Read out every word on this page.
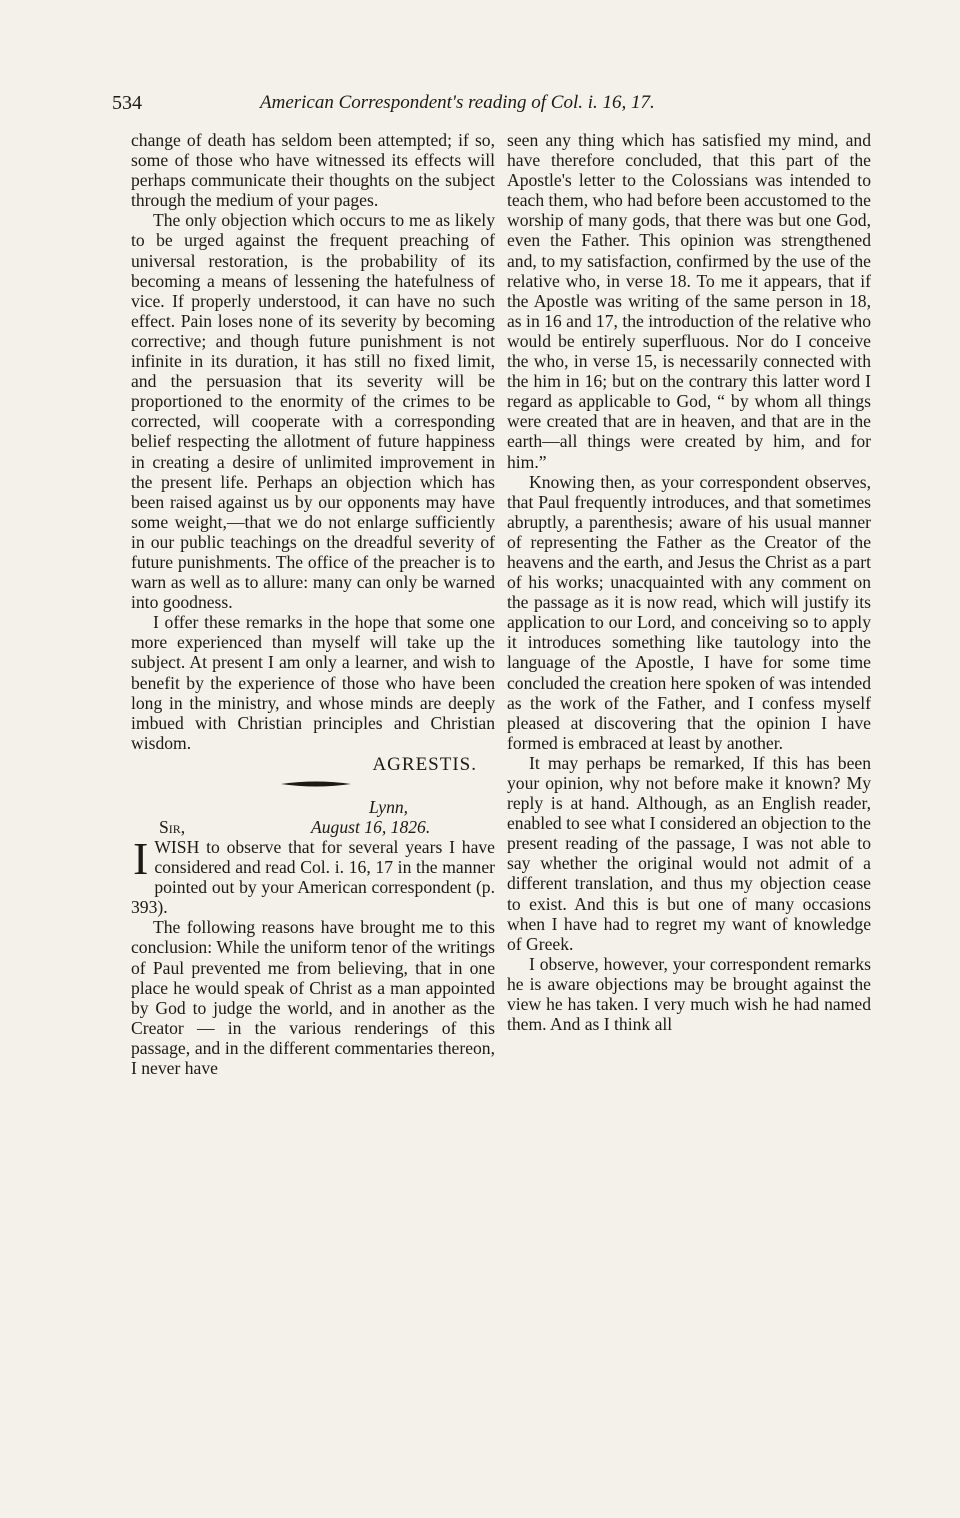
534	American Correspondent's reading of Col. i. 16, 17.

change of death has seldom been attempted; if so, some of those who have witnessed its effects will perhaps communicate their thoughts on the subject through the medium of your pages.

The only objection which occurs to me as likely to be urged against the frequent preaching of universal restoration, is the probability of its becoming a means of lessening the hatefulness of vice. If properly understood, it can have no such effect. Pain loses none of its severity by becoming corrective; and though future punishment is not infinite in its duration, it has still no fixed limit, and the persuasion that its severity will be proportioned to the enormity of the crimes to be corrected, will cooperate with a corresponding belief respecting the allotment of future happiness in creating a desire of unlimited improvement in the present life. Perhaps an objection which has been raised against us by our opponents may have some weight,—that we do not enlarge sufficiently in our public teachings on the dreadful severity of future punishments. The office of the preacher is to warn as well as to allure: many can only be warned into goodness.

I offer these remarks in the hope that some one more experienced than myself will take up the subject. At present I am only a learner, and wish to benefit by the experience of those who have been long in the ministry, and whose minds are deeply imbued with Christian principles and Christian wisdom.

AGRESTIS.
Lynn,
Sir,	August 16, 1826.

IWISH to observe that for several years I have considered and read Col. i. 16, 17 in the manner pointed out by your American correspondent (p. 393).

The following reasons have brought me to this conclusion: While the uniform tenor of the writings of Paul prevented me from believing, that in one place he would speak of Christ as a man appointed by God to judge the world, and in another as the Creator — in the various renderings of this passage, and in the different commentaries thereon, I never have

seen any thing which has satisfied my mind, and have therefore concluded, that this part of the Apostle's letter to the Colossians was intended to teach them, who had before been accustomed to the worship of many gods, that there was but one God, even the Father. This opinion was strengthened and, to my satisfaction, confirmed by the use of the relative who, in verse 18. To me it appears, that if the Apostle was writing of the same person in 18, as in 16 and 17, the introduction of the relative who would be entirely superfluous. Nor do I conceive the who, in verse 15, is necessarily connected with the him in 16; but on the contrary this latter word I regard as applicable to God, “ by whom all things were created that are in heaven, and that are in the earth—all things were created by him, and for him.”

Knowing then, as your correspondent observes, that Paul frequently introduces, and that sometimes abruptly, a parenthesis; aware of his usual manner of representing the Father as the Creator of the heavens and the earth, and Jesus the Christ as a part of his works; unacquainted with any comment on the passage as it is now read, which will justify its application to our Lord, and conceiving so to apply it introduces something like tautology into the language of the Apostle, I have for some time concluded the creation here spoken of was intended as the work of the Father, and I confess myself pleased at discovering that the opinion I have formed is embraced at least by another.

It may perhaps be remarked, If this has been your opinion, why not before make it known? My reply is at hand. Although, as an English reader, enabled to see what I considered an objection to the present reading of the passage, I was not able to say whether the original would not admit of a different translation, and thus my objection cease to exist. And this is but one of many occasions when I have had to regret my want of knowledge of Greek.

I observe, however, your correspondent remarks he is aware objections may be brought against the view he has taken. I very much wish he had named them. And as I think all
